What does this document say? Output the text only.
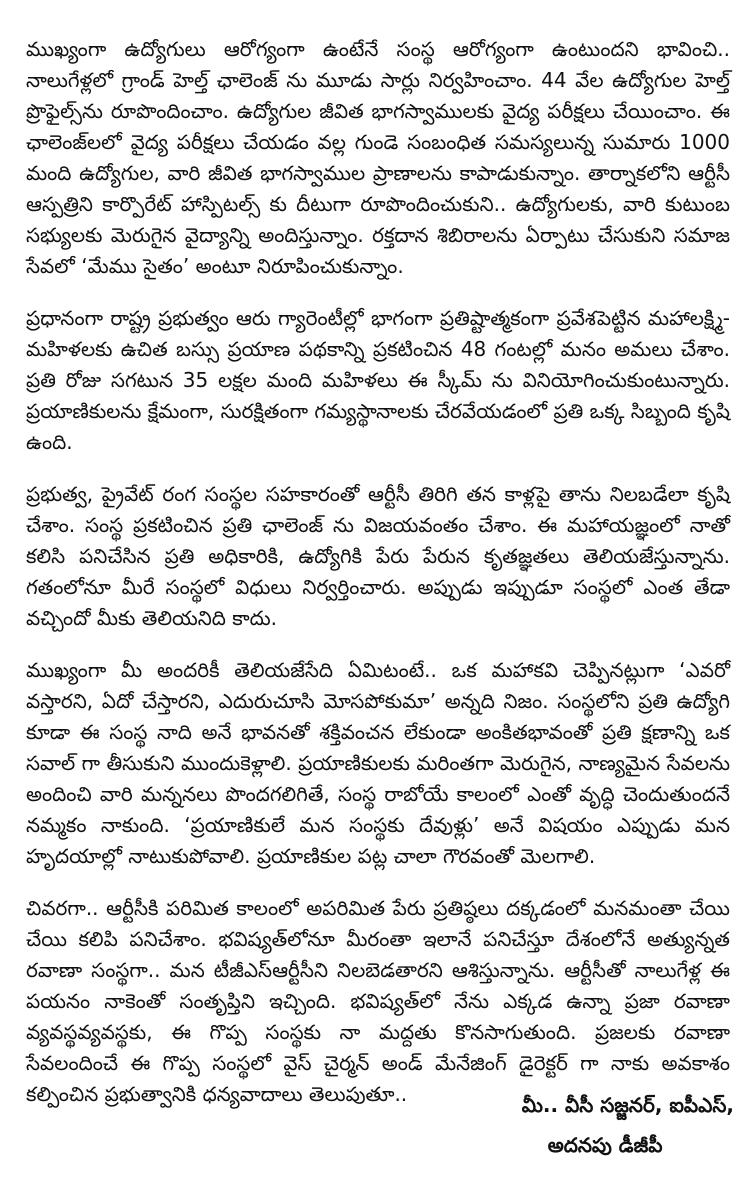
ముఖ్యంగా ఉద్యోగులు ఆరోగ్యంగా ఉంటేనే సంస్థ ఆరోగ్యంగా ఉంటుందని భావించి.. నాలుగేళ్లలో గ్రాండ్ హెల్త్ ఛాలెంజ్ ను మూడు సార్లు నిర్వహించాం. 44 వేల ఉద్యోగుల హెల్త్ ప్రొఫైల్స్‌ను రూపొందించాం. ఉద్యోగుల జీవిత భాగస్వాములకు వైద్య పరీక్షలు చేయించాం. ఈ ఛాలెంజ్‌లలో వైద్య పరీక్షలు చేయడం వల్ల గుండె సంబంధిత సమస్యలున్న సుమారు 1000 మంది ఉద్యోగుల, వారి జీవిత భాగస్వాముల ప్రాణాలను కాపాడుకున్నాం. తార్నాకలోని ఆర్టీసీ ఆస్పత్రిని కార్పొరేట్ హాస్పిటల్స్ కు దీటుగా రూపొందించుకుని.. ఉద్యోగులకు, వారి కుటుంబ సభ్యులకు మెరుగైన వైద్యాన్ని అందిస్తున్నాం. రక్తదాన శిబిరాలను ఏర్పాటు చేసుకుని సమాజ సేవలో ‘మేము సైతం’ అంటూ నిరూపించుకున్నాం.

ప్రధానంగా రాష్ట్ర ప్రభుత్వం ఆరు గ్యారెంటీల్లో భాగంగా ప్రతిష్టాత్మకంగా ప్రవేశపెట్టిన మహాలక్ష్మి-మహిళలకు ఉచిత బస్సు ప్రయాణ పథకాన్ని ప్రకటించిన 48 గంటల్లో మనం అమలు చేశాం. ప్రతి రోజు సగటున 35 లక్షల మంది మహిళలు ఈ స్కీమ్ ను వినియోగించుకుంటున్నారు. ప్రయాణికులను క్షేమంగా, సురక్షితంగా గమ్యస్థానాలకు చేరవేయడంలో ప్రతి ఒక్క సిబ్బంది కృషి ఉంది.

ప్రభుత్వ, ప్రైవేట్ రంగ సంస్థల సహకారంతో ఆర్టీసీ తిరిగి తన కాళ్లపై తాను నిలబడేలా కృషి చేశాం. సంస్థ ప్రకటించిన ప్రతి ఛాలెంజ్ ను విజయవంతం చేశాం. ఈ మహాయజ్ఞంలో నాతో కలిసి పనిచేసిన ప్రతి అధికారికి, ఉద్యోగికి పేరు పేరున కృతజ్ఞతలు తెలియజేస్తున్నాను. గతంలోనూ మీరే సంస్థలో విధులు నిర్వర్తించారు. అప్పుడు ఇప్పుడూ సంస్థలో ఎంత తేడా వచ్చిందో మీకు తెలియనిది కాదు.

ముఖ్యంగా మీ అందరికీ తెలియజేసేది ఏమిటంటే.. ఒక మహాకవి చెప్పినట్లుగా ‘ఎవరో వస్తారని, ఏదో చేస్తారని, ఎదురుచూసి మోసపోకుమా’ అన్నది నిజం. సంస్థలోని ప్రతి ఉద్యోగి కూడా ఈ సంస్థ నాది అనే భావనతో శక్తివంచన లేకుండా అంకితభావంతో ప్రతి క్షణాన్ని ఒక సవాల్ గా తీసుకుని ముందుకెళ్లాలి. ప్రయాణికులకు మరింతగా మెరుగైన, నాణ్యమైన సేవలను అందించి వారి మన్ననలు పొందగలిగితే, సంస్థ రాబోయే కాలంలో ఎంతో వృద్ధి చెందుతుందనే నమ్మకం నాకుంది. ‘ప్రయాణికులే మన సంస్థకు దేవుళ్లు’ అనే విషయం ఎప్పుడు మన హృదయాల్లో నాటుకుపోవాలి. ప్రయాణికుల పట్ల చాలా గౌరవంతో మెలగాలి.

చివరగా.. ఆర్టీసీకి పరిమిత కాలంలో అపరిమిత పేరు ప్రతిష్ఠలు దక్కడంలో మనమంతా చేయి చేయి కలిపి పనిచేశాం. భవిష్యత్‌లోనూ మీరంతా ఇలానే పనిచేస్తూ దేశంలోనే అత్యున్నత రవాణా సంస్థగా.. మన టీజీఎస్ఆర్టీసీని నిలబెడతారని ఆశిస్తున్నాను. ఆర్టీసీతో నాలుగేళ్ల ఈ పయనం నాకెంతో సంతృప్తిని ఇచ్చింది. భవిష్యత్‌లో నేను ఎక్కడ ఉన్నా ప్రజా రవాణా వ్యవస్థవ్యవస్థకు, ఈ గొప్ప సంస్థకు నా మద్దతు కొనసాగుతుంది. ప్రజలకు రవాణా సేవలందించే ఈ గొప్ప సంస్థలో వైస్ చైర్మన్ అండ్ మేనేజింగ్ డైరెక్టర్ గా నాకు అవకాశం కల్పించిన ప్రభుత్వానికి ధన్యవాదాలు తెలుపుతూ..	మీ.. వీసీ సజ్జనర్, ఐపీఎస్,
అదనపు డీజీపీ
